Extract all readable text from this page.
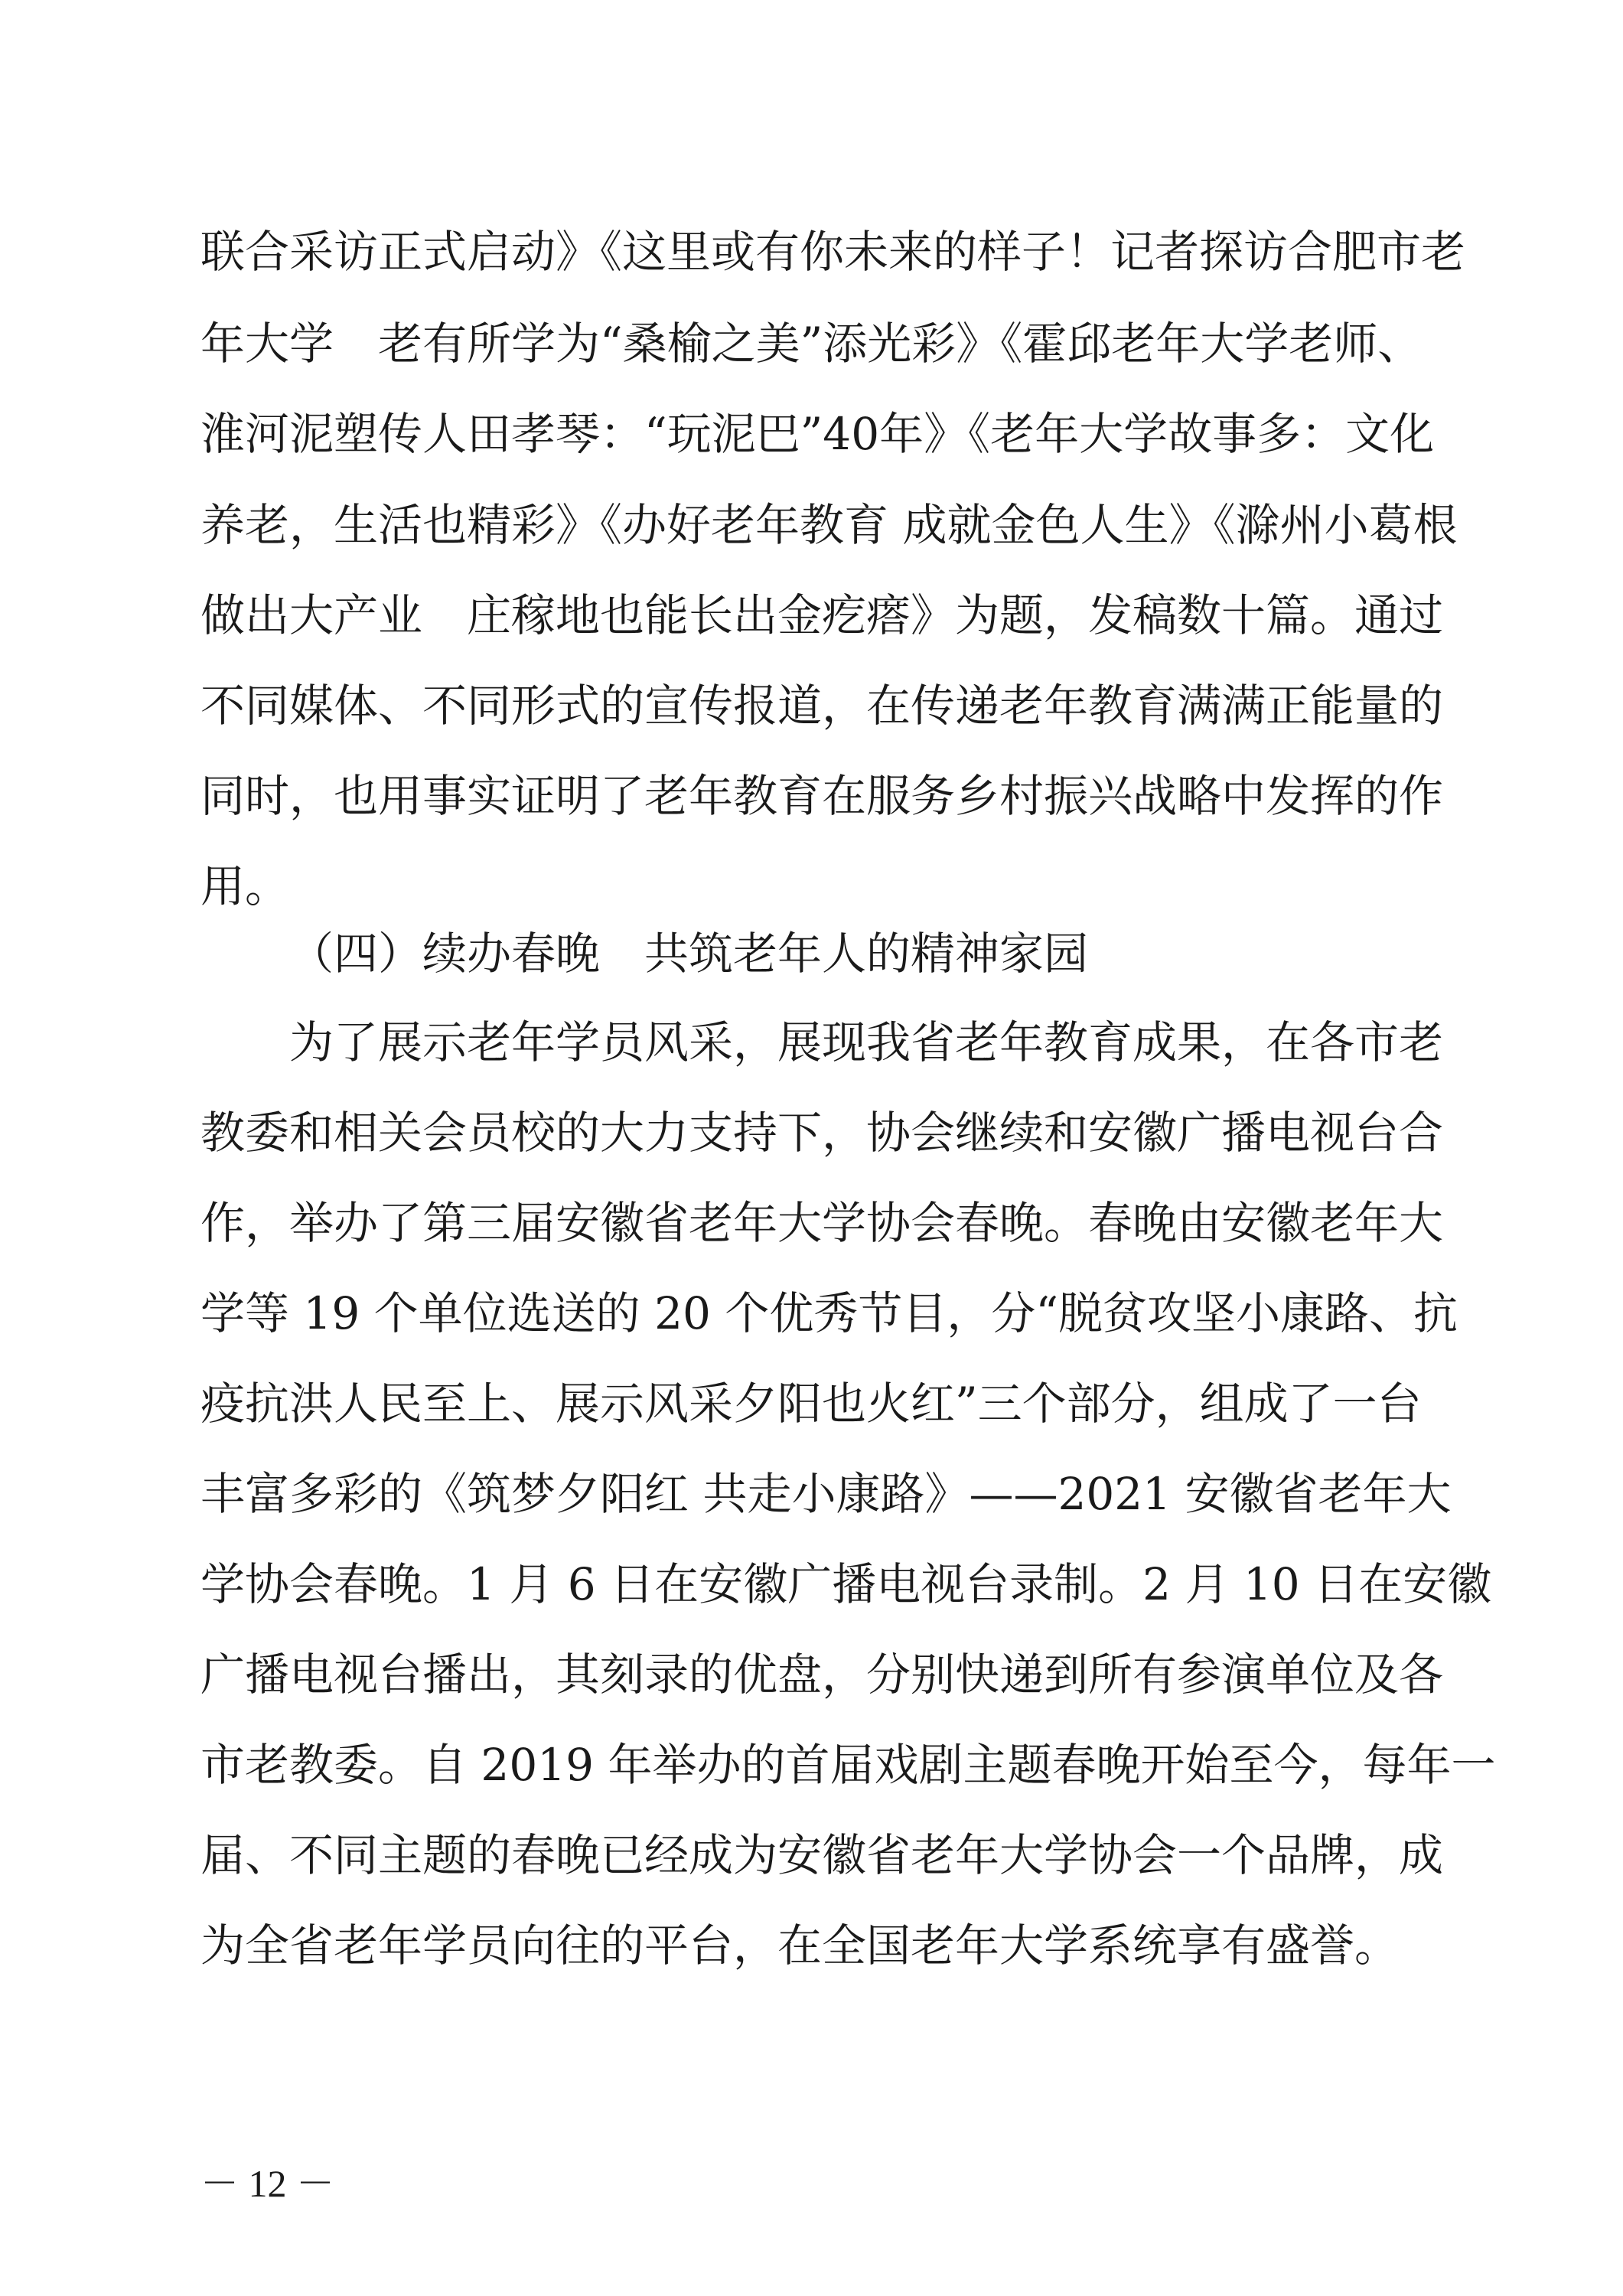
联合采访正式启动》《这里或有你未来的样子！记者探访合肥市老
年大学　老有所学为“桑榆之美”添光彩》《霍邱老年大学老师、
淮河泥塑传人田孝琴：“玩泥巴”40年》《老年大学故事多：文化
养老，生活也精彩》《办好老年教育 成就金色人生》《滁州小葛根
做出大产业　庄稼地也能长出金疙瘩》为题，发稿数十篇。通过
不同媒体、不同形式的宣传报道，在传递老年教育满满正能量的
同时，也用事实证明了老年教育在服务乡村振兴战略中发挥的作
用。
（四）续办春晚　共筑老年人的精神家园
为了展示老年学员风采，展现我省老年教育成果，在各市老
教委和相关会员校的大力支持下，协会继续和安徽广播电视台合
作，举办了第三届安徽省老年大学协会春晚。春晚由安徽老年大
学等 19 个单位选送的 20 个优秀节目，分“脱贫攻坚小康路、抗
疫抗洪人民至上、展示风采夕阳也火红”三个部分，组成了一台
丰富多彩的《筑梦夕阳红 共走小康路》——2021 安徽省老年大
学协会春晚。1 月 6 日在安徽广播电视台录制。2 月 10 日在安徽
广播电视台播出，其刻录的优盘，分别快递到所有参演单位及各
市老教委。自 2019 年举办的首届戏剧主题春晚开始至今，每年一
届、不同主题的春晚已经成为安徽省老年大学协会一个品牌，成
为全省老年学员向往的平台，在全国老年大学系统享有盛誉。
－ 12 －
